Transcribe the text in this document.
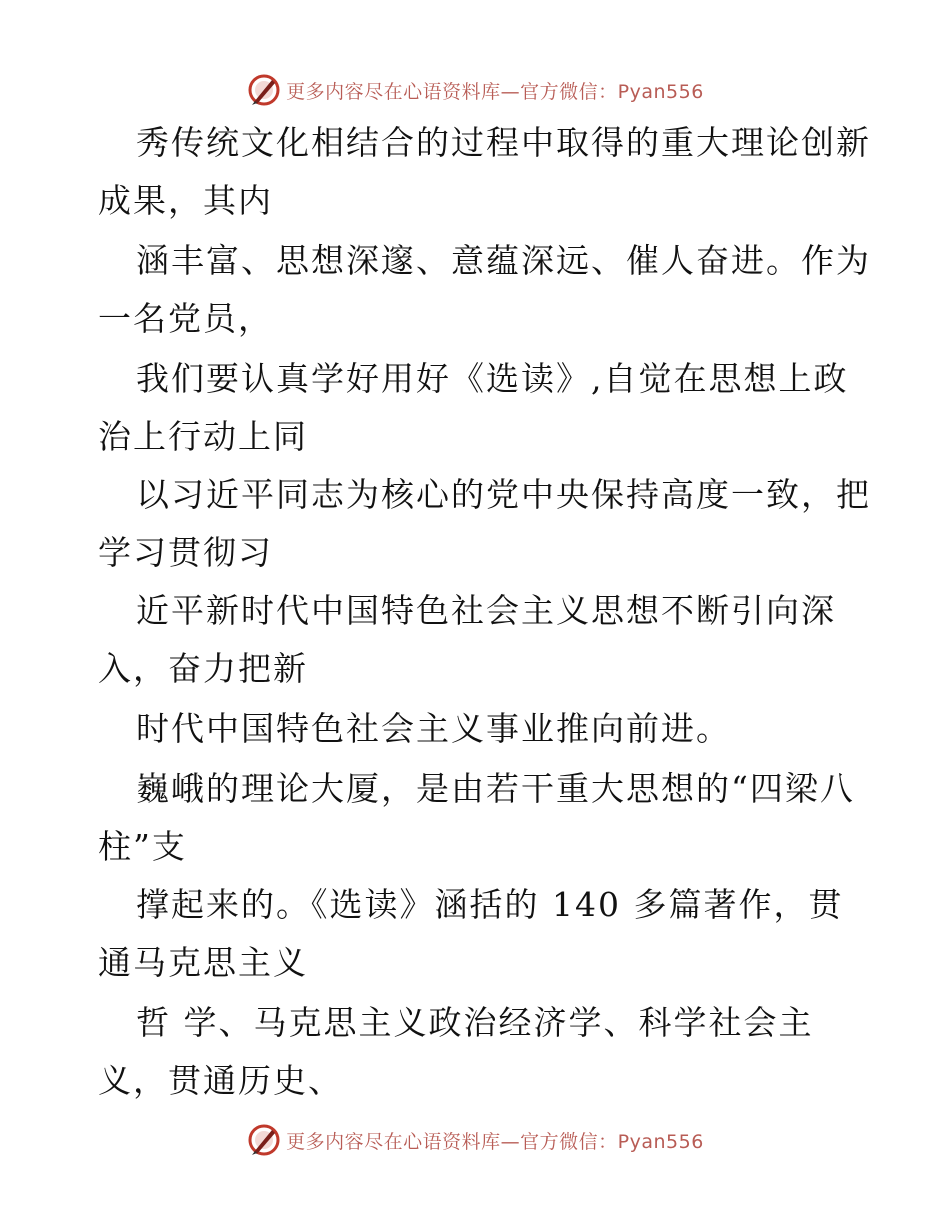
更多内容尽在心语资料库—官方微信：Pyan556
秀传统文化相结合的过程中取得的重大理论创新
成果，其内
涵丰富、思想深邃、意蕴深远、催人奋进。作为
一名党员，
我们要认真学好用好《选读》,自觉在思想上政
治上行动上同
以习近平同志为核心的党中央保持高度一致，把
学习贯彻习
近平新时代中国特色社会主义思想不断引向深
入，奋力把新
时代中国特色社会主义事业推向前进。
巍峨的理论大厦，是由若干重大思想的“四梁八
柱”支
撑起来的。《选读》涵括的 140 多篇著作，贯
通马克思主义
哲 学、马克思主义政治经济学、科学社会主
义，贯通历史、
更多内容尽在心语资料库—官方微信：Pyan556
